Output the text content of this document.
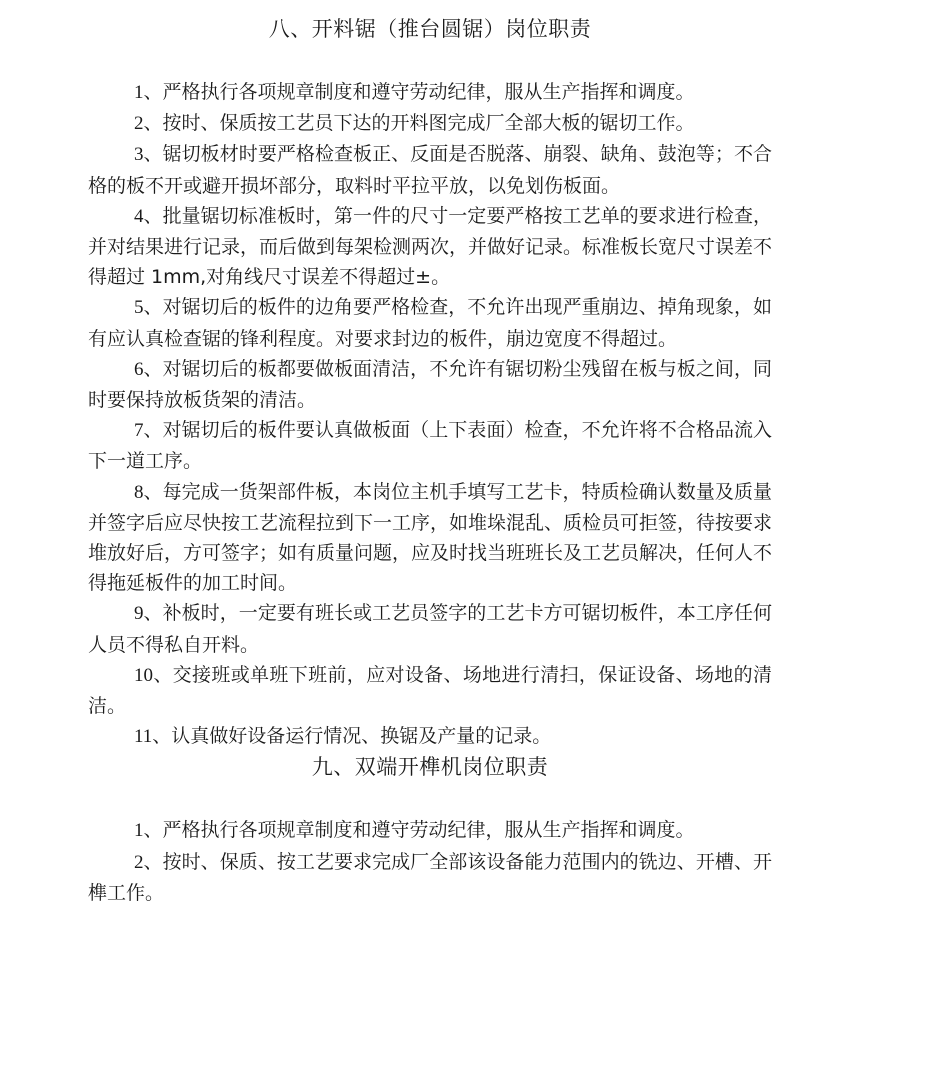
八、开料锯（推台圆锯）岗位职责

1、严格执行各项规章制度和遵守劳动纪律，服从生产指挥和调度。

2、按时、保质按工艺员下达的开料图完成厂全部大板的锯切工作。

3、锯切板材时要严格检查板正、反面是否脱落、崩裂、缺角、鼓泡等；不合格的板不开或避开损坏部分，取料时平拉平放，以免划伤板面。

4、批量锯切标准板时，第一件的尺寸一定要严格按工艺单的要求进行检查，并对结果进行记录，而后做到每架检测两次，并做好记录。标准板长宽尺寸误差不得超过 1mm,对角线尺寸误差不得超过±。

5、对锯切后的板件的边角要严格检查，不允许出现严重崩边、掉角现象，如有应认真检查锯的锋利程度。对要求封边的板件，崩边宽度不得超过。

6、对锯切后的板都要做板面清洁，不允许有锯切粉尘残留在板与板之间，同时要保持放板货架的清洁。

7、对锯切后的板件要认真做板面（上下表面）检查，不允许将不合格品流入下一道工序。

8、每完成一货架部件板，本岗位主机手填写工艺卡，特质检确认数量及质量并签字后应尽快按工艺流程拉到下一工序，如堆垛混乱、质检员可拒签，待按要求堆放好后，方可签字；如有质量问题，应及时找当班班长及工艺员解决，任何人不得拖延板件的加工时间。

9、补板时，一定要有班长或工艺员签字的工艺卡方可锯切板件，本工序任何人员不得私自开料。

10、交接班或单班下班前，应对设备、场地进行清扫，保证设备、场地的清洁。

11、认真做好设备运行情况、换锯及产量的记录。

九、双端开榫机岗位职责

1、严格执行各项规章制度和遵守劳动纪律，服从生产指挥和调度。

2、按时、保质、按工艺要求完成厂全部该设备能力范围内的铣边、开槽、开榫工作。
